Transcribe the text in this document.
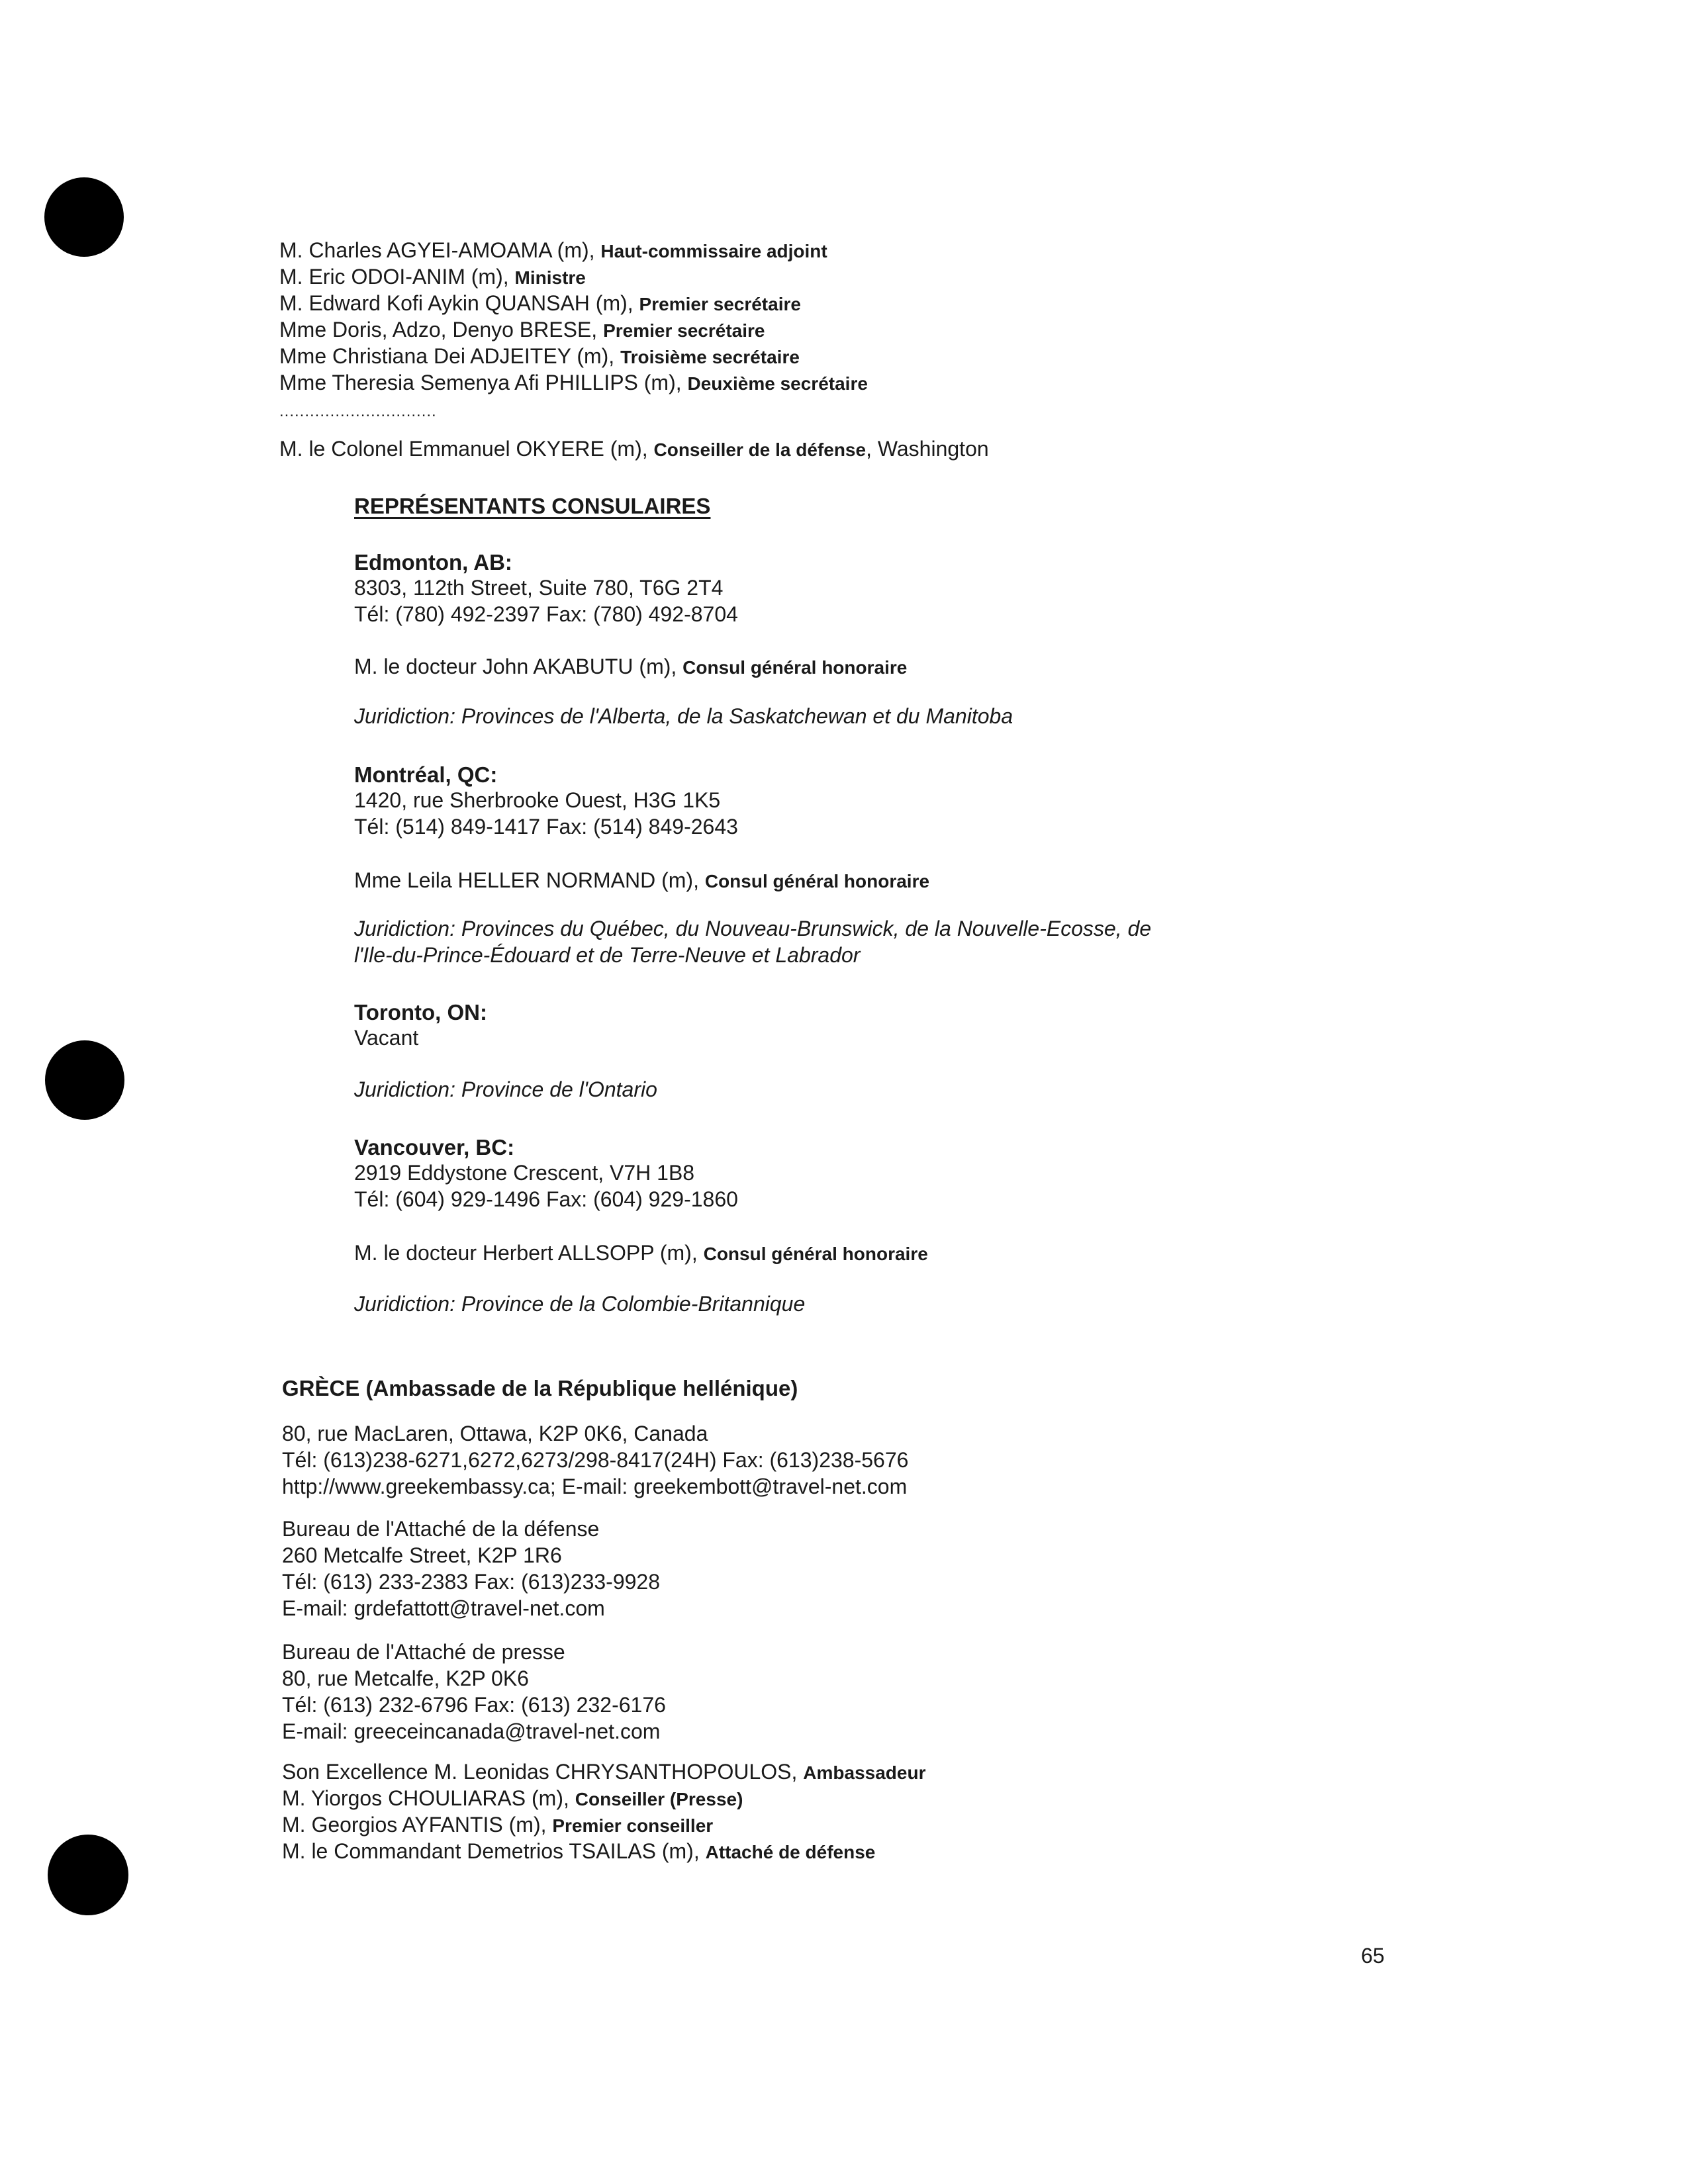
M. Charles AGYEI-AMOAMA (m), Haut-commissaire adjoint
M. Eric ODOI-ANIM (m), Ministre
M. Edward Kofi Aykin QUANSAH (m), Premier secrétaire
Mme Doris, Adzo, Denyo BRESE, Premier secrétaire
Mme Christiana Dei ADJEITEY (m), Troisième secrétaire
Mme Theresia Semenya Afi PHILLIPS (m), Deuxième secrétaire
...............................
M. le Colonel Emmanuel OKYERE (m), Conseiller de la défense, Washington
REPRÉSENTANTS CONSULAIRES
Edmonton, AB:
8303, 112th Street, Suite 780, T6G 2T4
Tél: (780) 492-2397 Fax: (780) 492-8704
M. le docteur John AKABUTU (m), Consul général honoraire
Juridiction: Provinces de l'Alberta, de la Saskatchewan et du Manitoba
Montréal, QC:
1420, rue Sherbrooke Ouest, H3G 1K5
Tél: (514) 849-1417 Fax: (514) 849-2643
Mme Leila HELLER NORMAND (m), Consul général honoraire
Juridiction: Provinces du Québec, du Nouveau-Brunswick, de la Nouvelle-Ecosse, de
l'Ile-du-Prince-Édouard et de Terre-Neuve et Labrador
Toronto, ON:
Vacant
Juridiction: Province de l'Ontario
Vancouver, BC:
2919 Eddystone Crescent, V7H 1B8
Tél: (604) 929-1496 Fax: (604) 929-1860
M. le docteur Herbert ALLSOPP (m), Consul général honoraire
Juridiction: Province de la Colombie-Britannique
GRÈCE (Ambassade de la République hellénique)
80, rue MacLaren, Ottawa, K2P 0K6, Canada
Tél: (613)238-6271,6272,6273/298-8417(24H) Fax: (613)238-5676
http://www.greekembassy.ca; E-mail: greekembott@travel-net.com
Bureau de l'Attaché de la défense
260 Metcalfe Street, K2P 1R6
Tél: (613) 233-2383 Fax: (613)233-9928
E-mail: grdefattott@travel-net.com
Bureau de l'Attaché de presse
80, rue Metcalfe, K2P 0K6
Tél: (613) 232-6796 Fax: (613) 232-6176
E-mail: greeceincanada@travel-net.com
Son Excellence M. Leonidas CHRYSANTHOPOULOS, Ambassadeur
M. Yiorgos CHOULIARAS (m), Conseiller (Presse)
M. Georgios AYFANTIS (m), Premier conseiller
M. le Commandant Demetrios TSAILAS (m), Attaché de défense
65
